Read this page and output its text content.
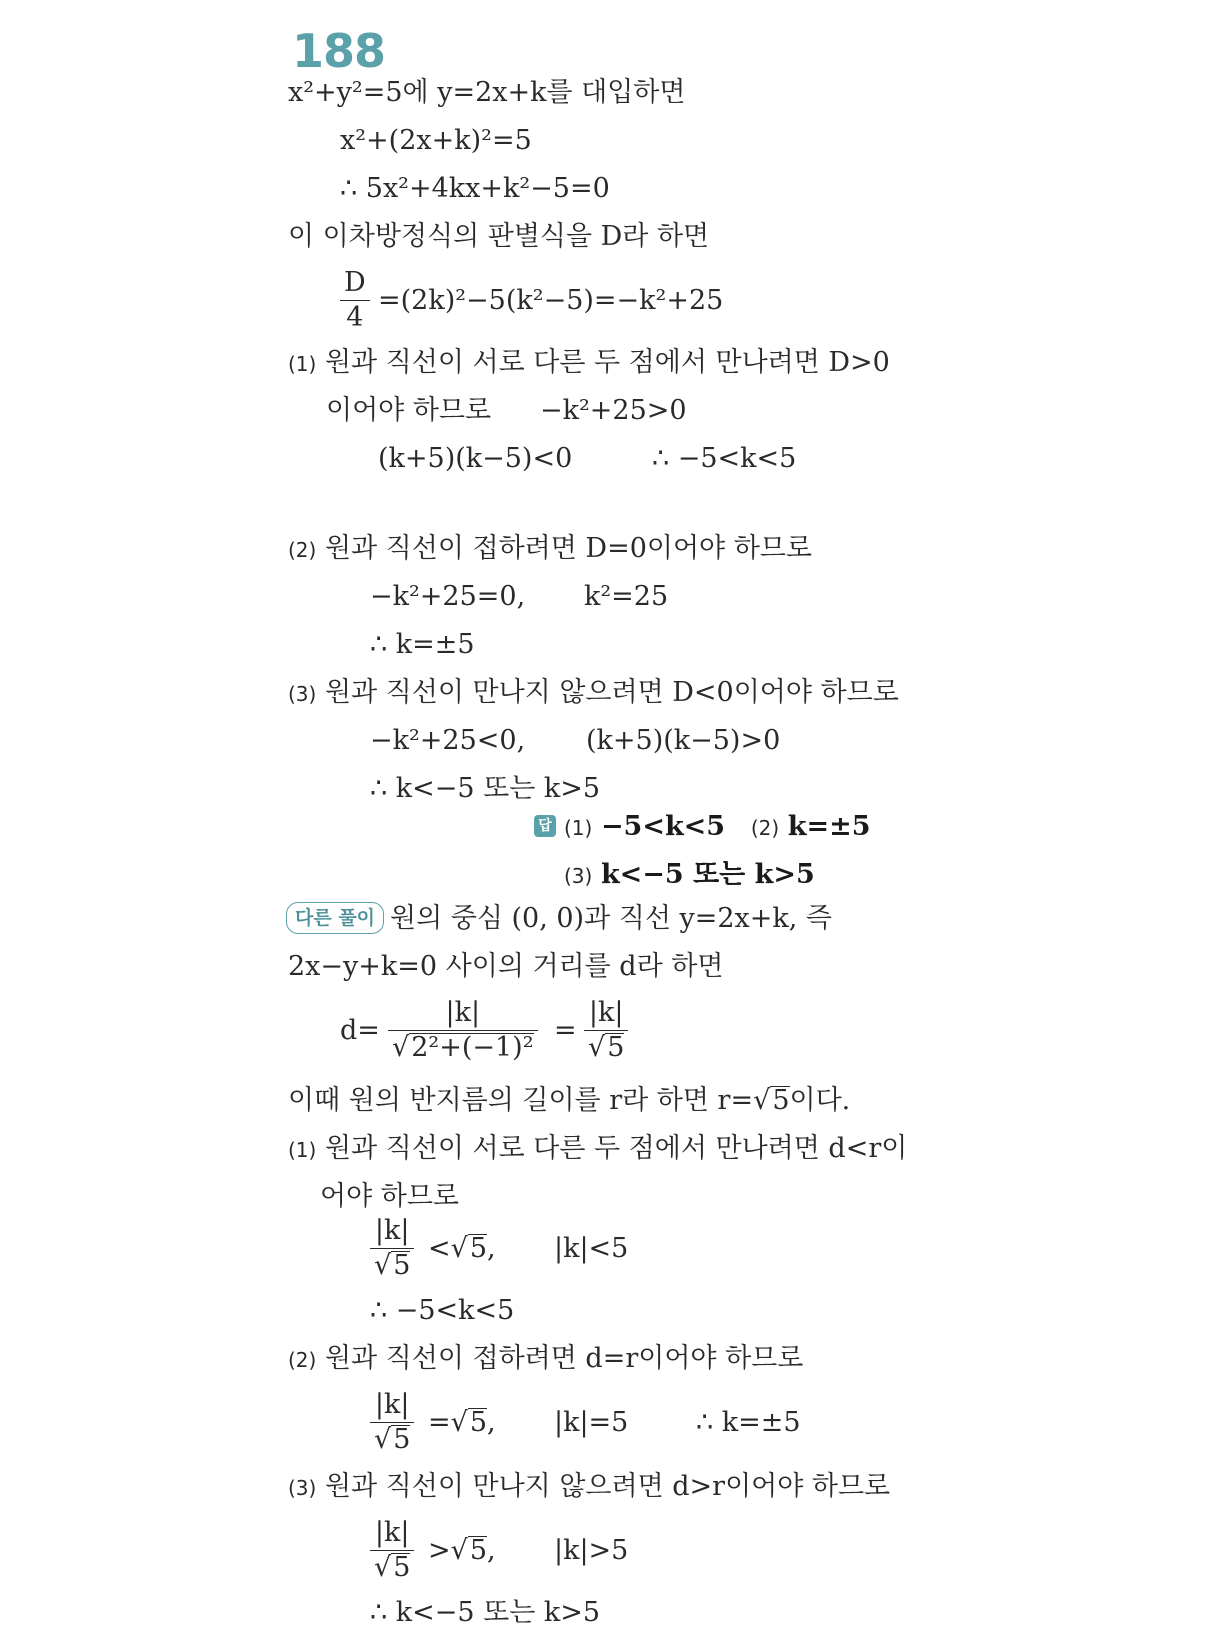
188
x²+y²=5에 y=2x+k를 대입하면
x²+(2x+k)²=5
∴ 5x²+4kx+k²−5=0
이 이차방정식의 판별식을 D라 하면
D
4
=(2k)²−5(k²−5)=−k²+25
(1) 원과 직선이 서로 다른 두 점에서 만나려면 D>0
이어야 하므로 −k²+25>0
(k+5)(k−5)<0	∴ −5<k<5
(2) 원과 직선이 접하려면 D=0이어야 하므로
−k²+25=0, k²=25
∴ k=±5
(3) 원과 직선이 만나지 않으려면 D<0이어야 하므로
−k²+25<0, (k+5)(k−5)>0
∴ k<−5 또는 k>5
답 (1) −5<k<5 (2) k=±5
(3) k<−5 또는 k>5
다른 풀이 원의 중심 (0, 0)과 직선 y=2x+k, 즉
2x−y+k=0 사이의 거리를 d라 하면
d=
|k|
√2²+(−1)²
=
|k|
√5
이때 원의 반지름의 길이를 r라 하면 r=√5이다.
(1) 원과 직선이 서로 다른 두 점에서 만나려면 d<r이
어야 하므로
|k|
√5
<√5, |k|<5
∴ −5<k<5
(2) 원과 직선이 접하려면 d=r이어야 하므로
|k|
√5
=√5, |k|=5	∴ k=±5
(3) 원과 직선이 만나지 않으려면 d>r이어야 하므로
|k|
√5
>√5, |k|>5
∴ k<−5 또는 k>5
